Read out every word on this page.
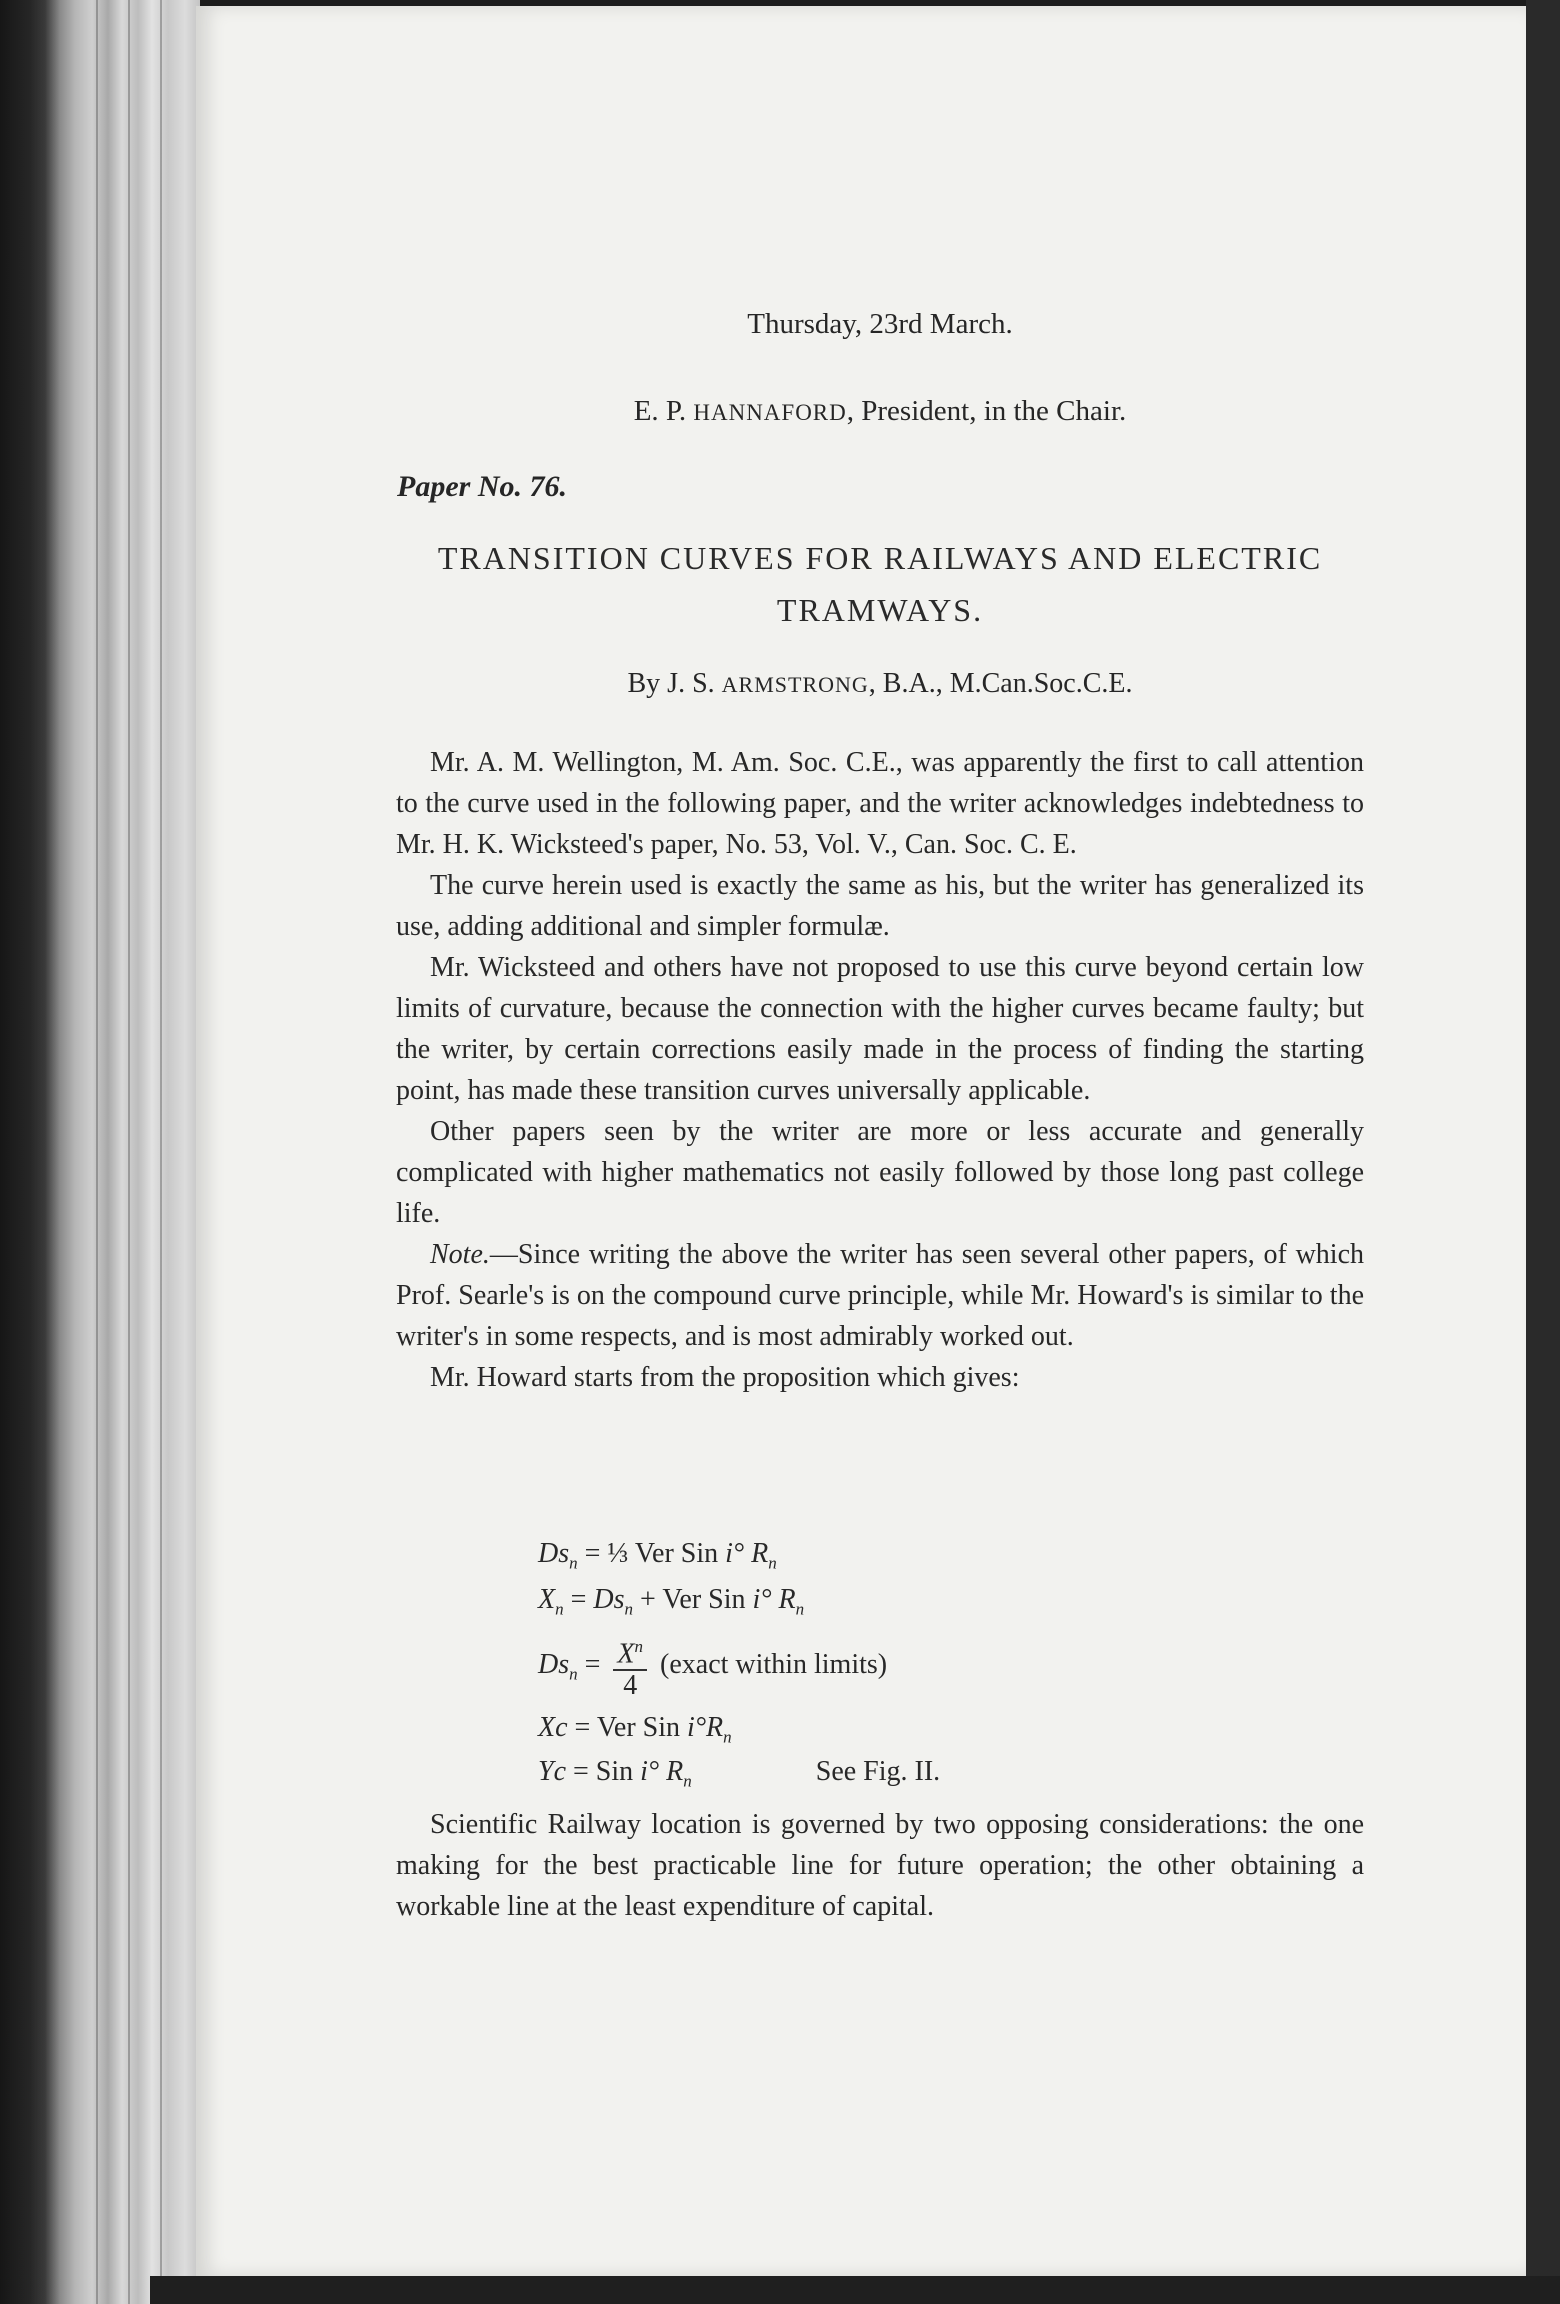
Thursday, 23rd March.
E. P. HANNAFORD, President, in the Chair.
Paper No. 76.
TRANSITION CURVES FOR RAILWAYS AND ELECTRIC
TRAMWAYS.
By J. S. ARMSTRONG, B.A., M.Can.Soc.C.E.

Mr. A. M. Wellington, M. Am. Soc. C.E., was apparently the first to call attention to the curve used in the following paper, and the writer acknowledges indebtedness to Mr. H. K. Wicksteed's paper, No. 53, Vol. V., Can. Soc. C. E.

The curve herein used is exactly the same as his, but the writer has generalized its use, adding additional and simpler formulæ.

Mr. Wicksteed and others have not proposed to use this curve beyond certain low limits of curvature, because the connection with the higher curves became faulty; but the writer, by certain corrections easily made in the process of finding the starting point, has made these transition curves universally applicable.

Other papers seen by the writer are more or less accurate and generally complicated with higher mathematics not easily followed by those long past college life.

Note.—Since writing the above the writer has seen several other papers, of which Prof. Searle's is on the compound curve principle, while Mr. Howard's is similar to the writer's in some respects, and is most admirably worked out.

Mr. Howard starts from the proposition which gives:

$Ds_n$ = ⅓ Ver Sin i° $R_n$
$X_n = Ds_n$ + Ver Sin i° $R_n$
$Ds_n = \frac{X^n}{4}$ (exact within limits)
Xc = Ver Sin $i^\circ R_n$
Yc = Sin i° $R_n$	See Fig. II.

Scientific Railway location is governed by two opposing considerations: the one making for the best practicable line for future operation; the other obtaining a workable line at the least expenditure of capital.
